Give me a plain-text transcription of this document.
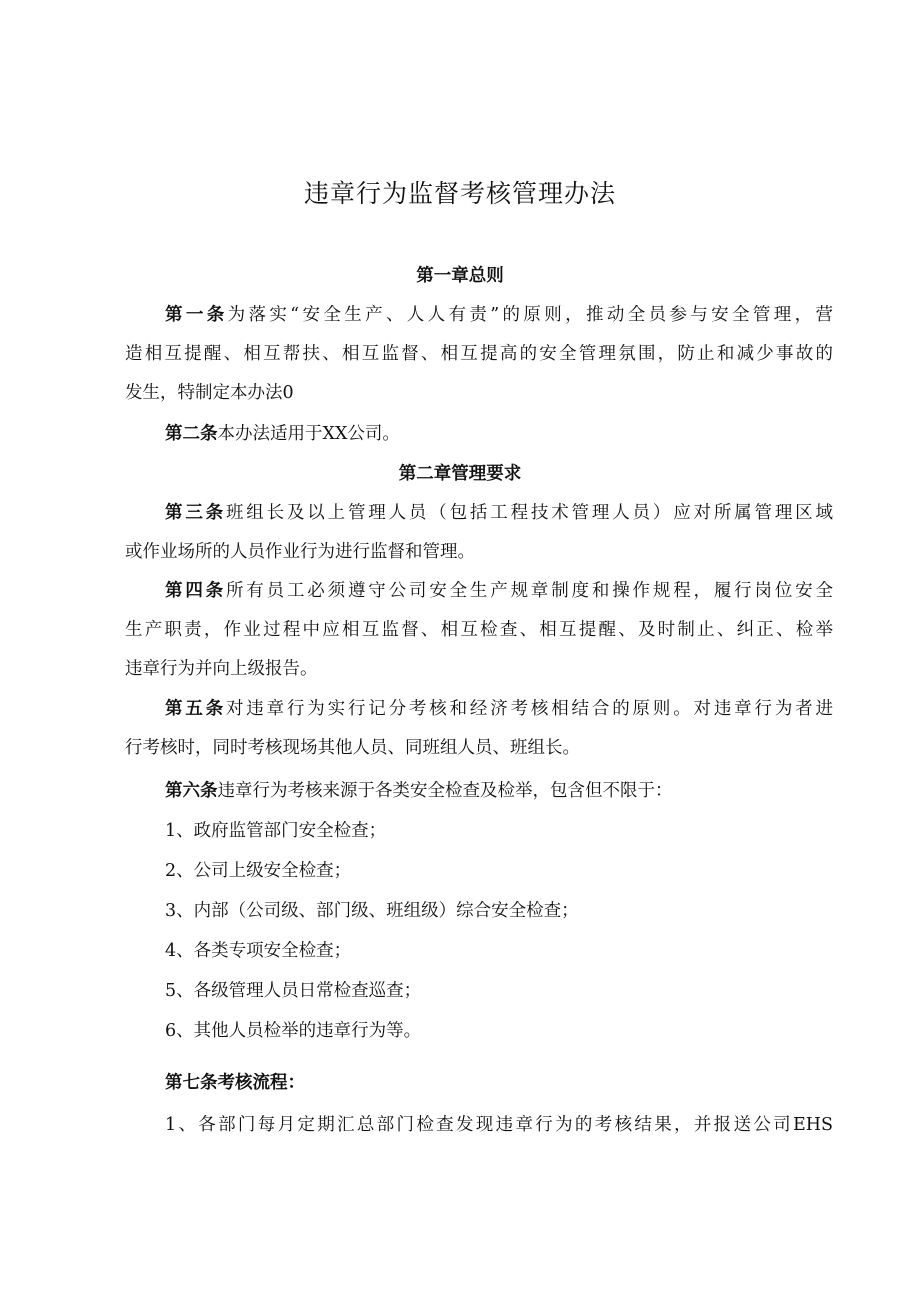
违章行为监督考核管理办法
第一章总则

第一条为落实“安全生产、人人有责”的原则，推动全员参与安全管理，营

造相互提醒、相互帮扶、相互监督、相互提高的安全管理氛围，防止和减少事故的

发生，特制定本办法0

第二条本办法适用于XX公司。

第二章管理要求

第三条班组长及以上管理人员（包括工程技术管理人员）应对所属管理区域

或作业场所的人员作业行为进行监督和管理。

第四条所有员工必须遵守公司安全生产规章制度和操作规程，履行岗位安全

生产职责，作业过程中应相互监督、相互检查、相互提醒、及时制止、纠正、检举

违章行为并向上级报告。

第五条对违章行为实行记分考核和经济考核相结合的原则。对违章行为者进

行考核时，同时考核现场其他人员、同班组人员、班组长。

第六条违章行为考核来源于各类安全检查及检举，包含但不限于：

1、政府监管部门安全检查；

2、公司上级安全检查；

3、内部（公司级、部门级、班组级）综合安全检查；

4、各类专项安全检查；

5、各级管理人员日常检查巡查；

6、其他人员检举的违章行为等。

第七条考核流程：

1、各部门每月定期汇总部门检查发现违章行为的考核结果，并报送公司EHS
